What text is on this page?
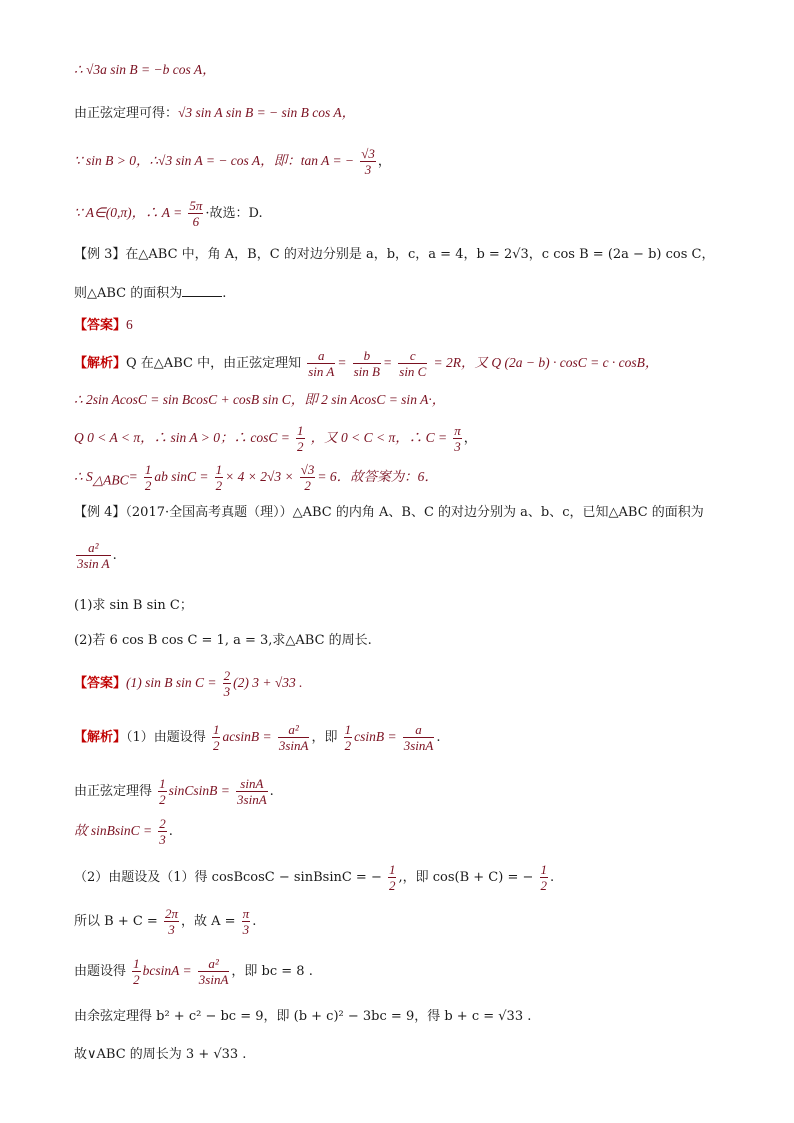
∴ √3a sin B = −b cos A，
由正弦定理可得：√3 sin A sin B = − sin B cos A，
∵ sin B > 0，∴√3 sin A = − cos A，即：tan A = − $\frac{√3}{3}$ ，
∵ A∈(0,π)，∴ $A = \frac{5\pi}{6}$ ·故选：D.
【例 3】在△ABC 中，角 A，B，C 的对边分别是 a，b，c，a = 4，b = 2√3，c cos B = (2a − b) cos C，
则△ABC 的面积为	.
【答案】6
【解析】Q 在△ABC 中，由正弦定理知 $\frac{a}{\text{sin A}} = \frac{b}{\text{sin B}} = \frac{c}{\text{sin C}} = 2R$，又 Q (2a − b) · cosC = c · cosB，
∴ 2sin AcosC = sin BcosC + cosB sin C，即 2 sin AcosC = sin A·，
Q 0 < A < π，∴ sin A > 0；∴ $\cos C = \frac{1}{2}$ ，又 0 < C < π，∴ $C = \frac{\pi}{3}$ ，
∴ $S_{\triangle ABC}= \frac{1}{2}$ ab $\sin C = \frac{1}{2} \times 4 \times 2√3 \times \frac{√3}{2} = 6$．故答案为：6．
【例 4】（2017·全国高考真题（理））△ABC 的内角 A、B、C 的对边分别为 a、b、c，已知△ABC 的面积为
$\frac{\text{a²}}{\text{3sin A}}$ .
(1)求 sin B sin C；
(2)若 6 cos B cos C = 1, a = 3,求△ABC 的周长.
【答案】(1) sin B $\sin C = \frac{2}{3} (2) 3 + √33$ .
【解析】（1）由题设得 $\frac{1}{2}$ $acsinB = \frac{\text{a²}}{3\sin A}$ ，即 $\frac{1}{2}$ $csinB = \frac{a}{3\sin A}$ .
由正弦定理得 $\frac{1}{2}$ sinCsinB = $\frac{\sin A}{3\sin A}$ .
故 sinBsinC = $\frac{2}{3}$ .
（2）由题设及（1）得 cosBcosC − sinBsinC = − $\frac{1}{2}$ ,，即 cos(B + C) = − $\frac{1}{2}$ .
所以 $B + C = \frac{2\pi}{3}$ ，故 $A = \frac{\pi}{3}$ .
由题设得 $\frac{1}{2}$ $bcsinA = \frac{\text{a²}}{3\sin A}$ ，即 bc = 8 .
由余弦定理得 b² + c² − bc = 9，即 (b + c)² − 3bc = 9，得 b + c = √33 .
故∨ABC 的周长为 3 + √33 .
